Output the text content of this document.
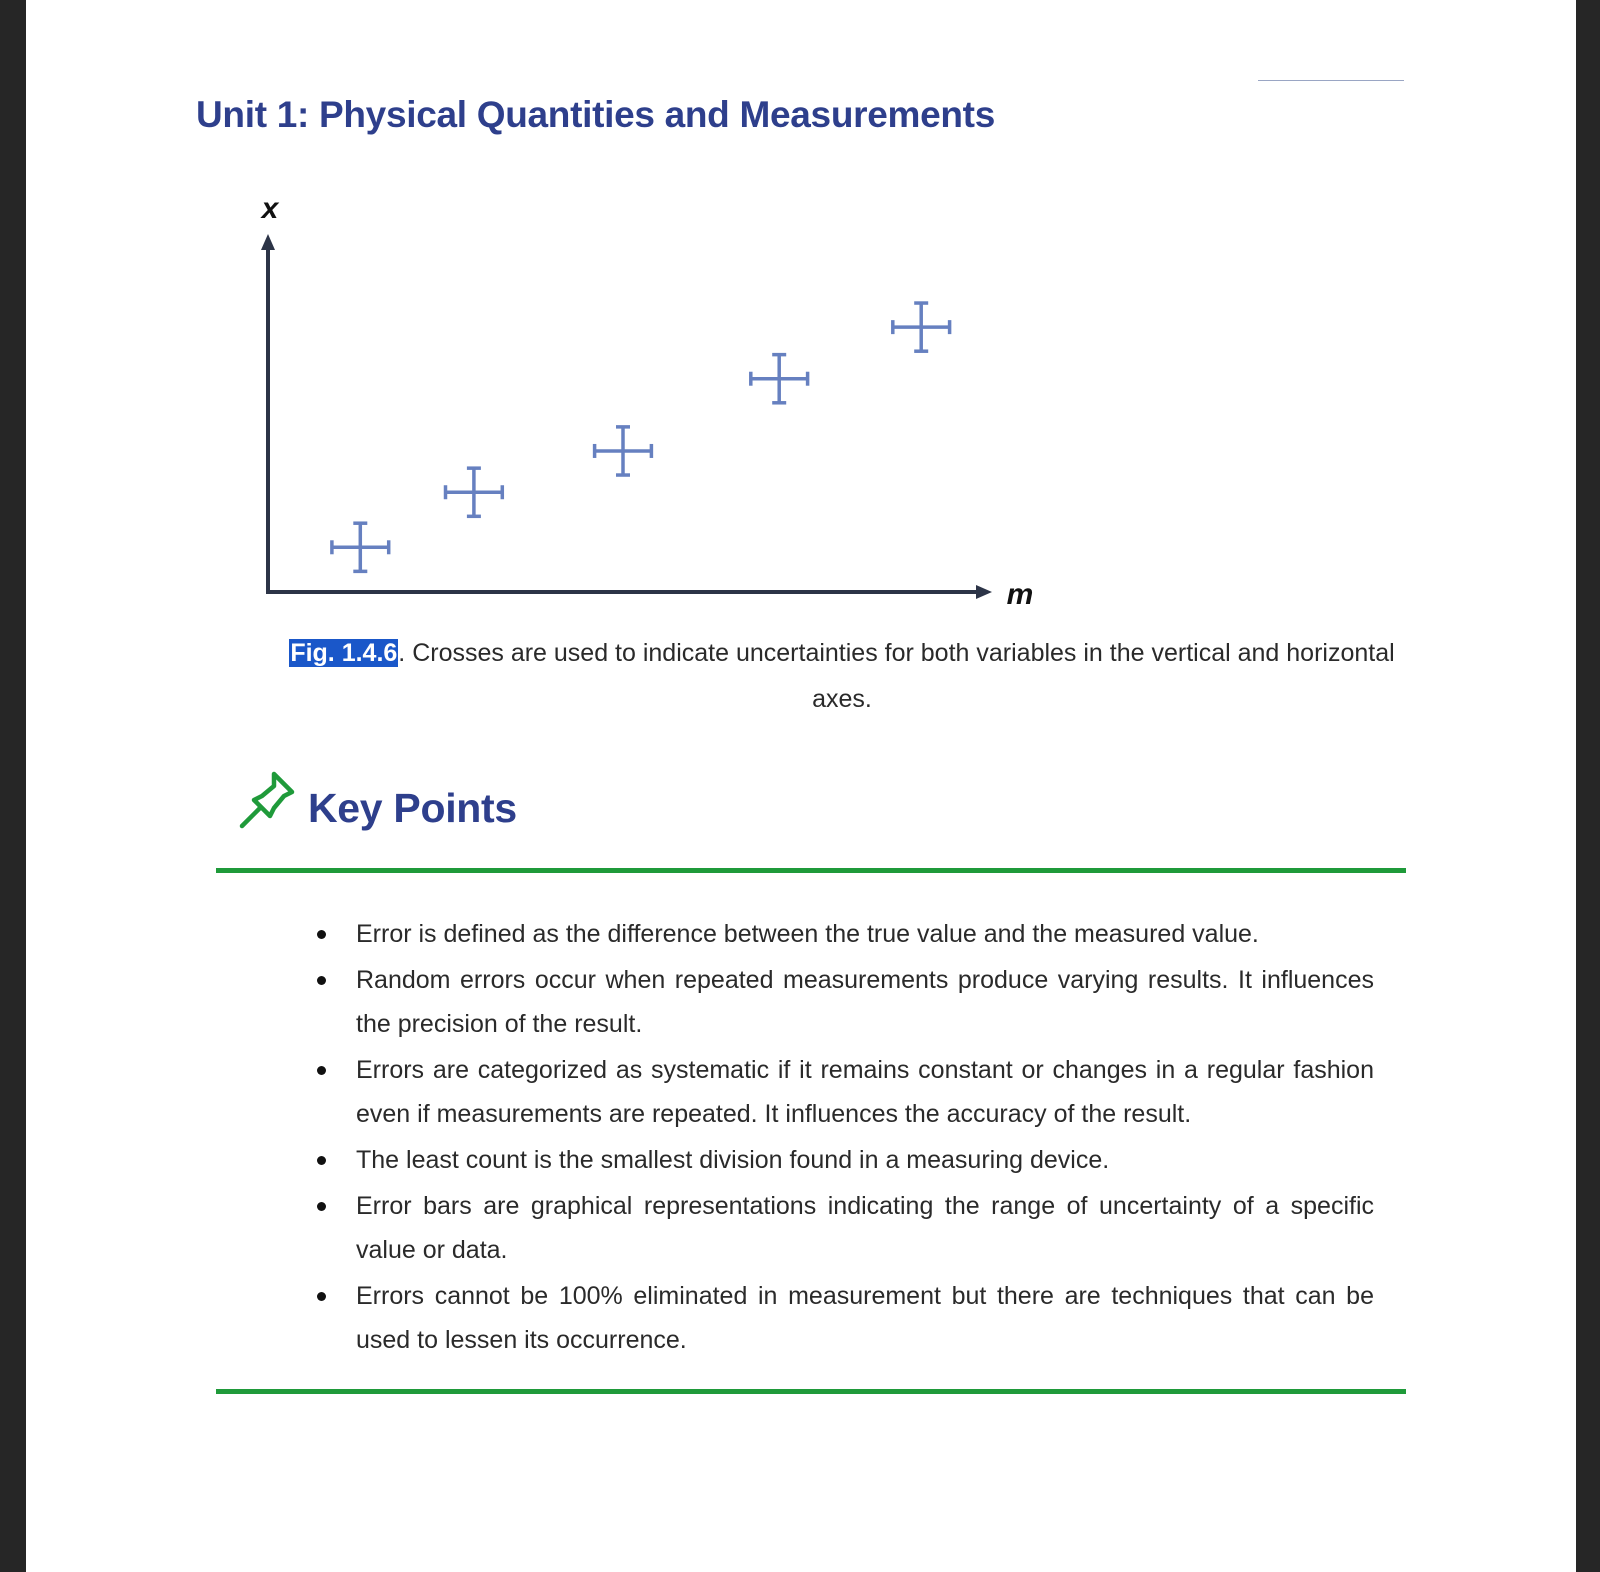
Unit 1: Physical Quantities and Measurements
x
m

Fig. 1.4.6. Crosses are used to indicate uncertainties for both variables in the vertical and horizontal axes.

Key Points
Error is defined as the difference between the true value and the measured value.
Random errors occur when repeated measurements produce varying results. It influences the precision of the result.
Errors are categorized as systematic if it remains constant or changes in a regular fashion even if measurements are repeated. It influences the accuracy of the result.
The least count is the smallest division found in a measuring device.
Error bars are graphical representations indicating the range of uncertainty of a specific value or data.
Errors cannot be 100% eliminated in measurement but there are techniques that can be used to lessen its occurrence.
